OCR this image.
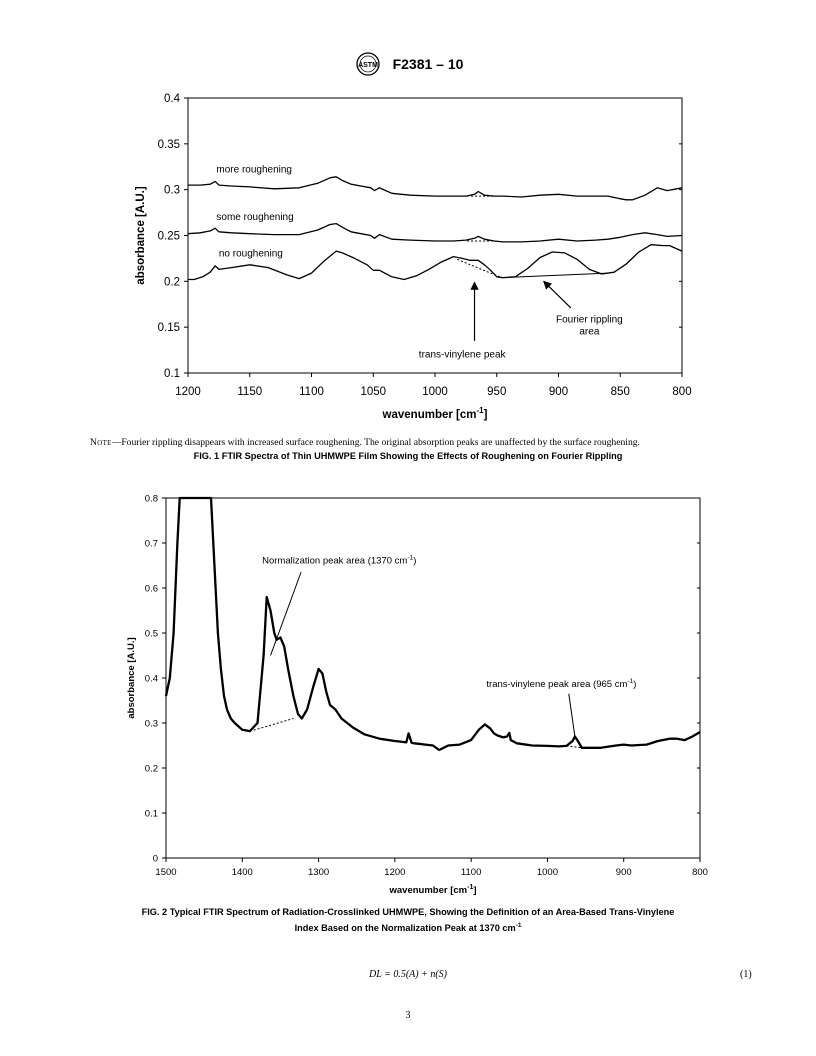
ASTM F2381 – 10
1200	1150	1100	1050	1000	950	900	850	800
0.1
0.15
0.2
0.25
0.3
0.35
0.4
more roughening
some roughening
no roughening
trans-vinylene peak
Fourier rippling
area
wavenumber $[cm^{-1}]$
absorbance [A.U.]
Note—Fourier rippling disappears with increased surface roughening. The original absorption peaks are unaffected by the surface roughening.
FIG. 1 FTIR Spectra of Thin UHMWPE Film Showing the Effects of Roughening on Fourier Rippling
1500	1400	1300	1200	1100	1000	900	800
0
0.1
0.2
0.3
0.4
0.5
0.6
0.7
0.8
Normalization peak area (1370 $cm^{-1}$)
trans-vinylene peak area (965 $cm^{-1}$)
wavenumber $[cm^{-1}]$
absorbance [A.U.]
FIG. 2 Typical FTIR Spectrum of Radiation-Crosslinked UHMWPE, Showing the Definition of an Area-Based Trans-Vinylene
Index Based on the Normalization Peak at 1370 $cm^{-1}$
DL = 0.5(A) + n(S)	(1)
3
